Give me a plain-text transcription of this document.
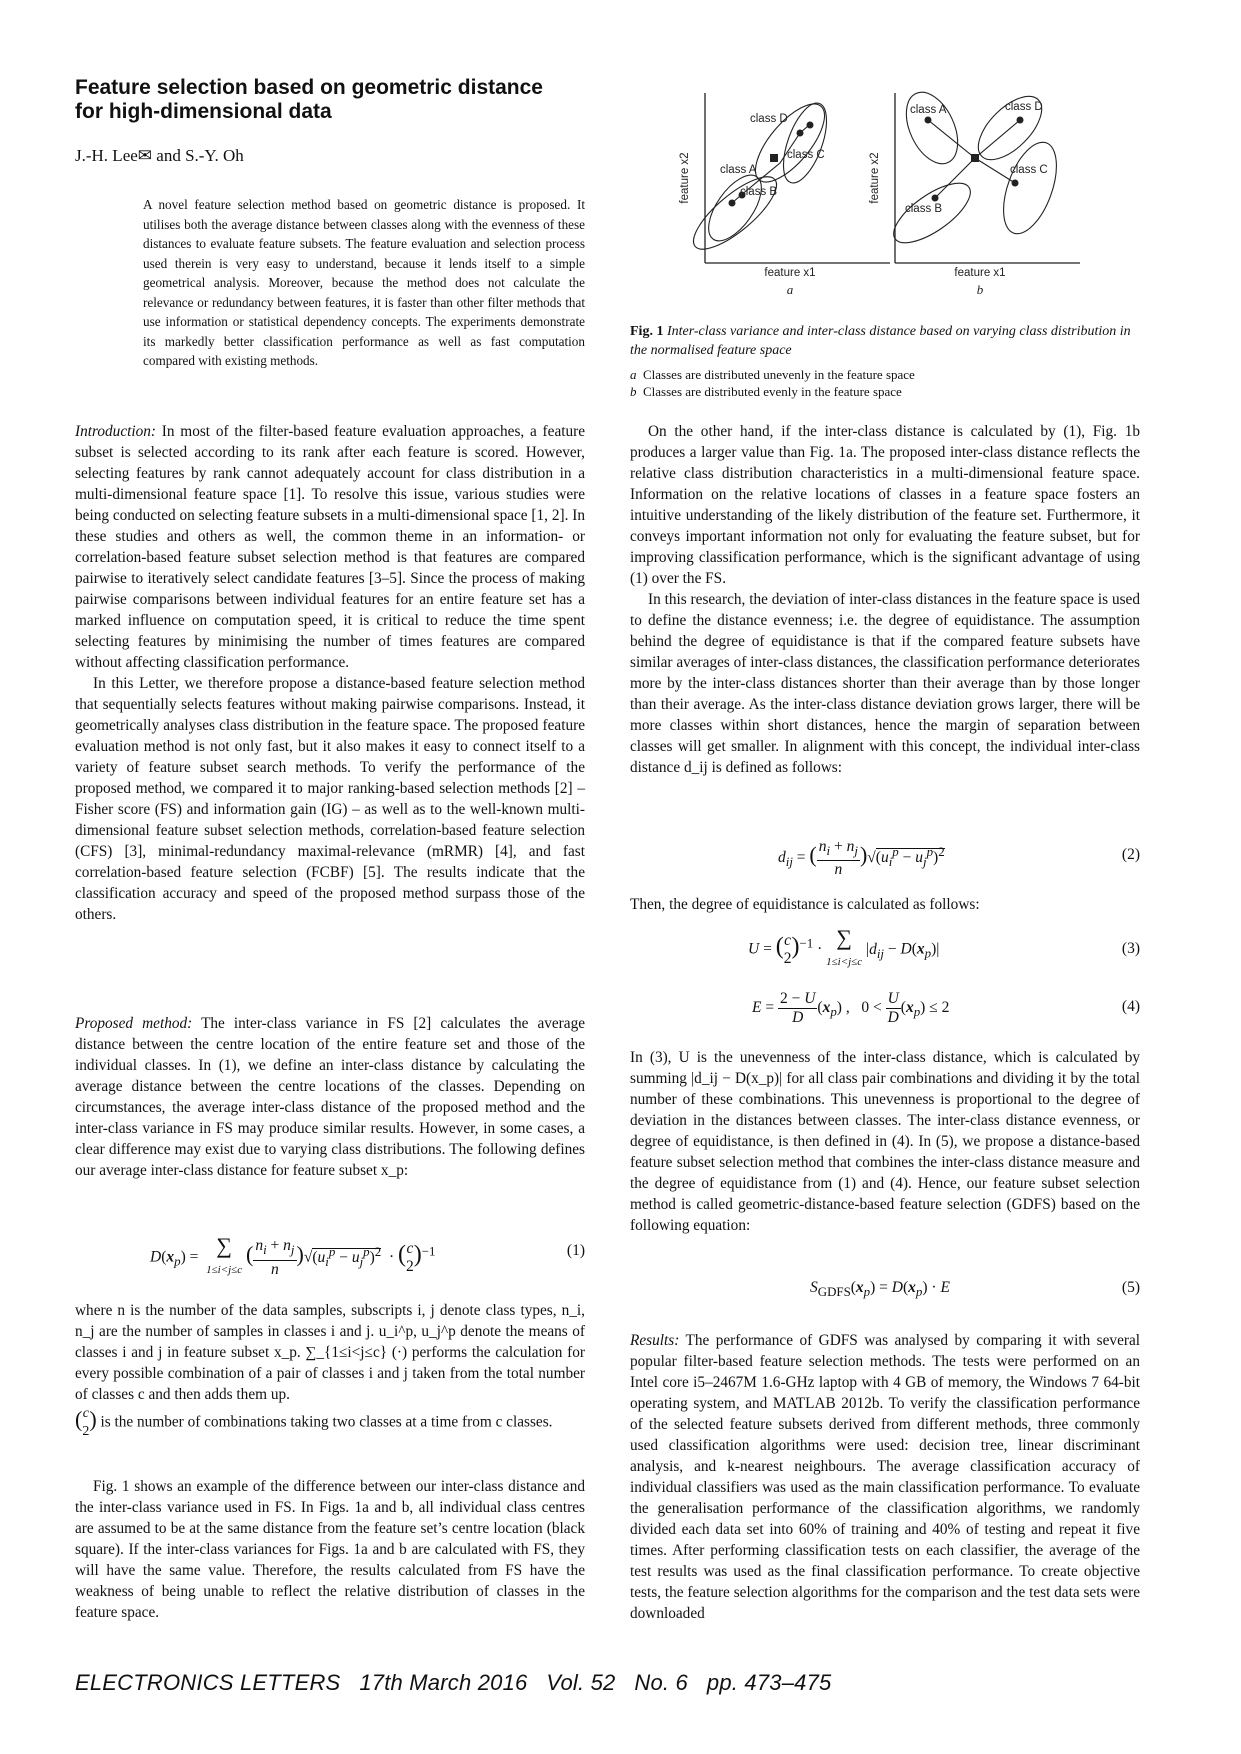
Feature selection based on geometric distance for high-dimensional data
J.-H. Lee✉ and S.-Y. Oh
A novel feature selection method based on geometric distance is proposed. It utilises both the average distance between classes along with the evenness of these distances to evaluate feature subsets. The feature evaluation and selection process used therein is very easy to understand, because it lends itself to a simple geometrical analysis. Moreover, because the method does not calculate the relevance or redundancy between features, it is faster than other filter methods that use information or statistical dependency concepts. The experiments demonstrate its markedly better classification performance as well as fast computation compared with existing methods.

Introduction: In most of the filter-based feature evaluation approaches, a feature subset is selected according to its rank after each feature is scored. However, selecting features by rank cannot adequately account for class distribution in a multi-dimensional feature space [1]. To resolve this issue, various studies were being conducted on selecting feature subsets in a multi-dimensional space [1, 2]. In these studies and others as well, the common theme in an information- or correlation-based feature subset selection method is that features are compared pairwise to iteratively select candidate features [3–5]. Since the process of making pairwise comparisons between individual features for an entire feature set has a marked influence on computation speed, it is critical to reduce the time spent selecting features by minimising the number of times features are compared without affecting classification performance.

In this Letter, we therefore propose a distance-based feature selection method that sequentially selects features without making pairwise comparisons. Instead, it geometrically analyses class distribution in the feature space. The proposed feature evaluation method is not only fast, but it also makes it easy to connect itself to a variety of feature subset search methods. To verify the performance of the proposed method, we compared it to major ranking-based selection methods [2] – Fisher score (FS) and information gain (IG) – as well as to the well-known multi-dimensional feature subset selection methods, correlation-based feature selection (CFS) [3], minimal-redundancy maximal-relevance (mRMR) [4], and fast correlation-based feature selection (FCBF) [5]. The results indicate that the classification accuracy and speed of the proposed method surpass those of the others.

Proposed method: The inter-class variance in FS [2] calculates the average distance between the centre location of the entire feature set and those of the individual classes. In (1), we define an inter-class distance by calculating the average distance between the centre locations of the classes. Depending on circumstances, the average inter-class distance of the proposed method and the inter-class variance in FS may produce similar results. However, in some cases, a clear difference may exist due to varying class distributions. The following defines our average inter-class distance for feature subset x_p:

$D(x_p)$ =  ∑
1≤i<j≤c ( $\frac{n_i + n_j}{n} )√(u_i^p - u_j^p)^2$  · ( c
2 )$^{-1}$	(1)
where n is the number of the data samples, subscripts i, j denote class types, n_i, n_j are the number of samples in classes i and j. u_i^p, u_j^p denote the means of classes i and j in feature subset x_p. ∑_{1≤i<j≤c} (·) performs the calculation for every possible combination of a pair of classes i and j taken from the total number of classes c and then adds them up.
( c
2 ) is the number of combinations taking two classes at a time from c classes.

Fig. 1 shows an example of the difference between our inter-class distance and the inter-class variance used in FS. In Figs. 1a and b, all individual class centres are assumed to be at the same distance from the feature set’s centre location (black square). If the inter-class variances for Figs. 1a and b are calculated with FS, they will have the same value. Therefore, the results calculated from FS have the weakness of being unable to reflect the relative distribution of classes in the feature space.

feature x2
feature x1
a
class A
class B
class C
class D
feature x2
feature x1
b
class A
class B
class C
class D
Fig. 1 Inter-class variance and inter-class distance based on varying class distribution in the normalised feature space
a Classes are distributed unevenly in the feature space
b Classes are distributed evenly in the feature space

On the other hand, if the inter-class distance is calculated by (1), Fig. 1b produces a larger value than Fig. 1a. The proposed inter-class distance reflects the relative class distribution characteristics in a multi-dimensional feature space. Information on the relative locations of classes in a feature space fosters an intuitive understanding of the likely distribution of the feature set. Furthermore, it conveys important information not only for evaluating the feature subset, but for improving classification performance, which is the significant advantage of using (1) over the FS.

In this research, the deviation of inter-class distances in the feature space is used to define the distance evenness; i.e. the degree of equidistance. The assumption behind the degree of equidistance is that if the compared feature subsets have similar averages of inter-class distances, the classification performance deteriorates more by the inter-class distances shorter than their average than by those longer than their average. As the inter-class distance deviation grows larger, there will be more classes within short distances, hence the margin of separation between classes will get smaller. In alignment with this concept, the individual inter-class distance d_ij is defined as follows:

$d_{ij}$ = ( $\frac{n_i + n_j}{n} )√(u_i^p - u_j^p)^2$	(2)
Then, the degree of equidistance is calculated as follows:
U = ( c
2 )$^{-1}$ · ∑
1≤i<j≤c $|d_{ij} - D(x_p)|$	(3)
$E = \frac{2 - U}{D} (x_p)$ ,   $0 < \frac{U}{D} (x_p) \le 2$	(4)
In (3), U is the unevenness of the inter-class distance, which is calculated by summing |d_ij − D(x_p)| for all class pair combinations and dividing it by the total number of these combinations. This unevenness is proportional to the degree of deviation in the distances between classes. The inter-class distance evenness, or degree of equidistance, is then defined in (4). In (5), we propose a distance-based feature subset selection method that combines the inter-class distance measure and the degree of equidistance from (1) and (4). Hence, our feature subset selection method is called geometric-distance-based feature selection (GDFS) based on the following equation:
$S_{GDFS}(x_p) = D(x_p) \cdot E$	(5)
Results: The performance of GDFS was analysed by comparing it with several popular filter-based feature selection methods. The tests were performed on an Intel core i5–2467M 1.6-GHz laptop with 4 GB of memory, the Windows 7 64-bit operating system, and MATLAB 2012b. To verify the classification performance of the selected feature subsets derived from different methods, three commonly used classification algorithms were used: decision tree, linear discriminant analysis, and k-nearest neighbours. The average classification accuracy of individual classifiers was used as the main classification performance. To evaluate the generalisation performance of the classification algorithms, we randomly divided each data set into 60% of training and 40% of testing and repeat it five times. After performing classification tests on each classifier, the average of the test results was used as the final classification performance. To create objective tests, the feature selection algorithms for the comparison and the test data sets were downloaded
ELECTRONICS LETTERS   17th March 2016   Vol. 52   No. 6   pp. 473–475
